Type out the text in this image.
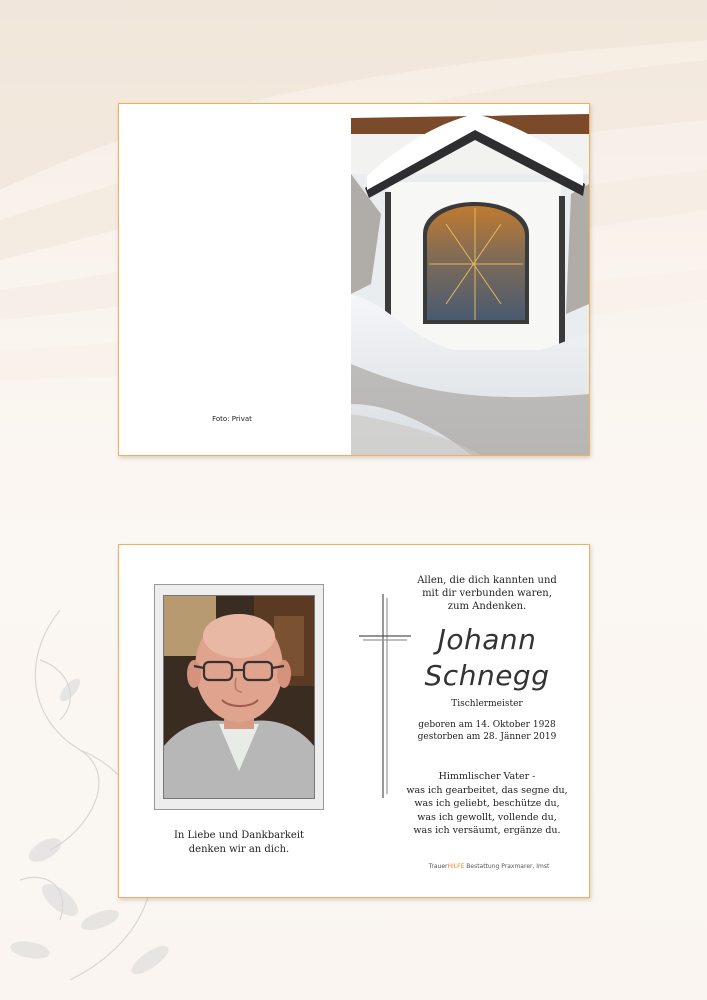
Foto: Privat
In Liebe und Dankbarkeit
denken wir an dich.
Allen, die dich kannten und
mit dir verbunden waren,
zum Andenken.
Johann
Schnegg
Tischlermeister
geboren am 14. Oktober 1928
gestorben am 28. Jänner 2019
Himmlischer Vater -
was ich gearbeitet, das segne du,
was ich geliebt, beschütze du,
was ich gewollt, vollende du,
was ich versäumt, ergänze du.
TrauerHILFE Bestattung Praxmarer, Imst
